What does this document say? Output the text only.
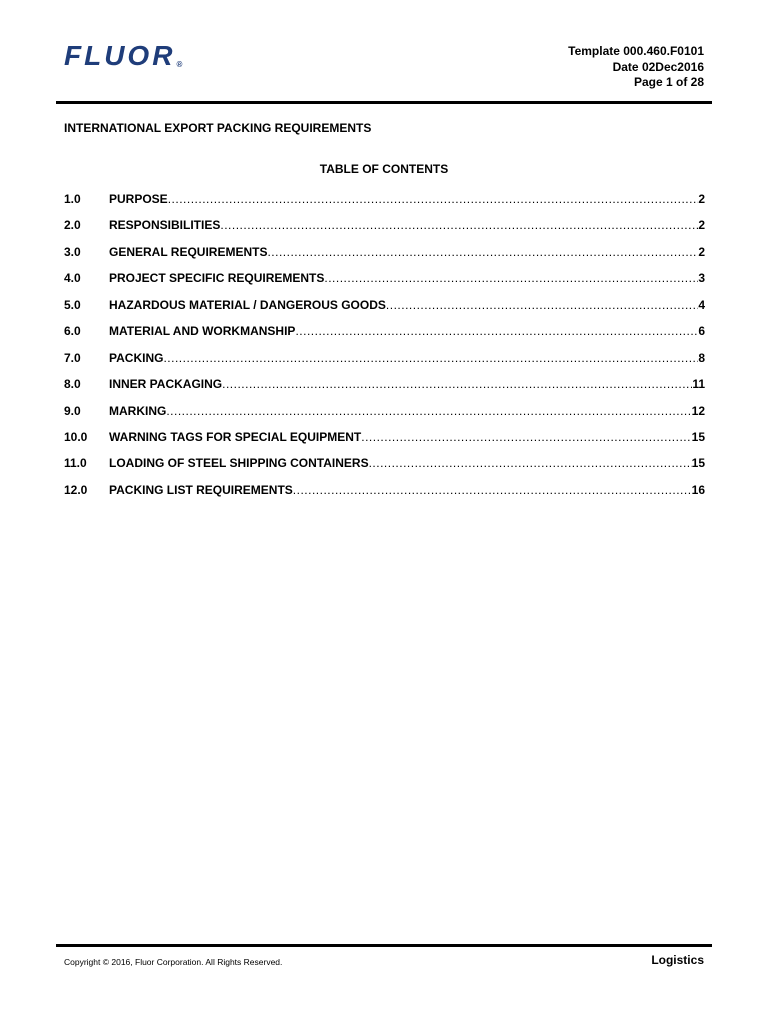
FLUOR®
Template 000.460.F0101
Date 02Dec2016
Page 1 of 28
INTERNATIONAL EXPORT PACKING REQUIREMENTS
TABLE OF CONTENTS
1.0	PURPOSE .....	2
2.0	RESPONSIBILITIES .....	2
3.0	GENERAL REQUIREMENTS .....	2
4.0	PROJECT SPECIFIC REQUIREMENTS .....	3
5.0	HAZARDOUS MATERIAL / DANGEROUS GOODS .....	4
6.0	MATERIAL AND WORKMANSHIP .....	6
7.0	PACKING .....	8
8.0	INNER PACKAGING .....	11
9.0	MARKING .....	12
10.0	WARNING TAGS FOR SPECIAL EQUIPMENT .....	15
11.0	LOADING OF STEEL SHIPPING CONTAINERS .....	15
12.0	PACKING LIST REQUIREMENTS .....	16
Copyright © 2016, Fluor Corporation. All Rights Reserved.	Logistics
